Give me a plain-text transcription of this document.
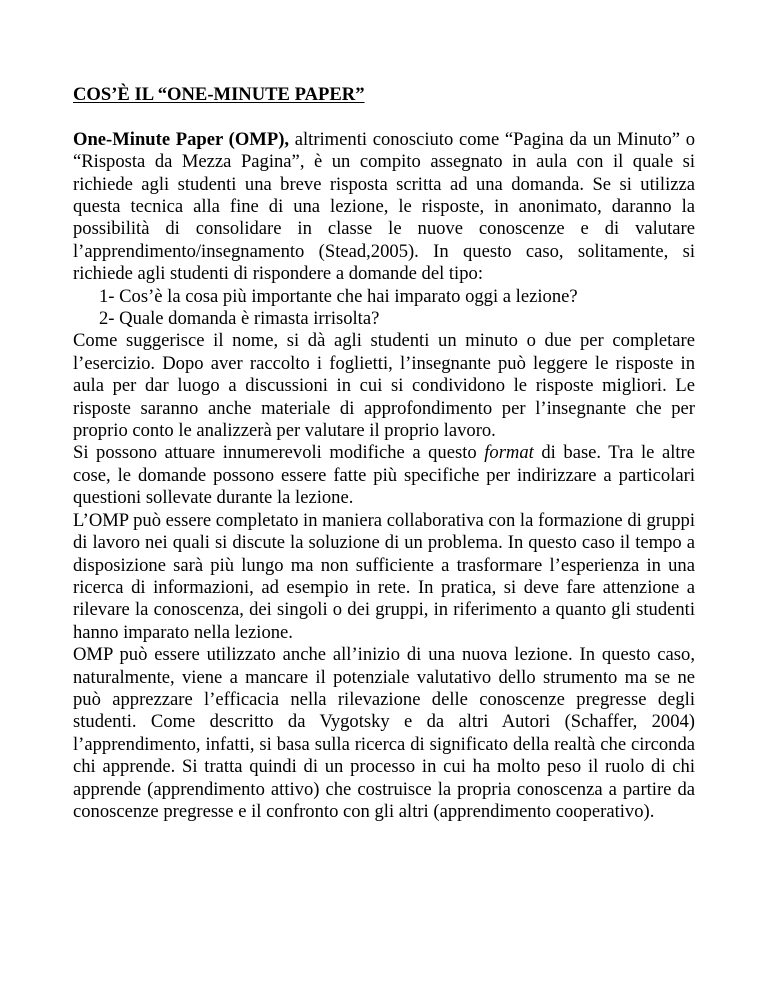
COS’È IL “ONE-MINUTE PAPER”

One-Minute Paper (OMP), altrimenti conosciuto come “Pagina da un Minuto” o “Risposta da Mezza Pagina”, è un compito assegnato in aula con il quale si richiede agli studenti una breve risposta scritta ad una domanda. Se si utilizza questa tecnica alla fine di una lezione, le risposte, in anonimato, daranno la possibilità di consolidare in classe le nuove conoscenze e di valutare l’apprendimento/insegnamento (Stead,2005). In questo caso, solitamente, si richiede agli studenti di rispondere a domande del tipo:

1- Cos’è la cosa più importante che hai imparato oggi a lezione?
2- Quale domanda è rimasta irrisolta?

Come suggerisce il nome, si dà agli studenti un minuto o due per completare l’esercizio. Dopo aver raccolto i foglietti, l’insegnante può leggere le risposte in aula per dar luogo a discussioni in cui si condividono le risposte migliori. Le risposte saranno anche materiale di approfondimento per l’insegnante che per proprio conto le analizzerà per valutare il proprio lavoro.

Si possono attuare innumerevoli modifiche a questo format di base. Tra le altre cose, le domande possono essere fatte più specifiche per indirizzare a particolari questioni sollevate durante la lezione.

L’OMP può essere completato in maniera collaborativa con la formazione di gruppi di lavoro nei quali si discute la soluzione di un problema. In questo caso il tempo a disposizione sarà più lungo ma non sufficiente a trasformare l’esperienza in una ricerca di informazioni, ad esempio in rete. In pratica, si deve fare attenzione a rilevare la conoscenza, dei singoli o dei gruppi, in riferimento a quanto gli studenti hanno imparato nella lezione.

OMP può essere utilizzato anche all’inizio di una nuova lezione. In questo caso, naturalmente, viene a mancare il potenziale valutativo dello strumento ma se ne può apprezzare l’efficacia nella rilevazione delle conoscenze pregresse degli studenti. Come descritto da Vygotsky e da altri Autori (Schaffer, 2004) l’apprendimento, infatti, si basa sulla ricerca di significato della realtà che circonda chi apprende. Si tratta quindi di un processo in cui ha molto peso il ruolo di chi apprende (apprendimento attivo) che costruisce la propria conoscenza a partire da conoscenze pregresse e il confronto con gli altri (apprendimento cooperativo).
